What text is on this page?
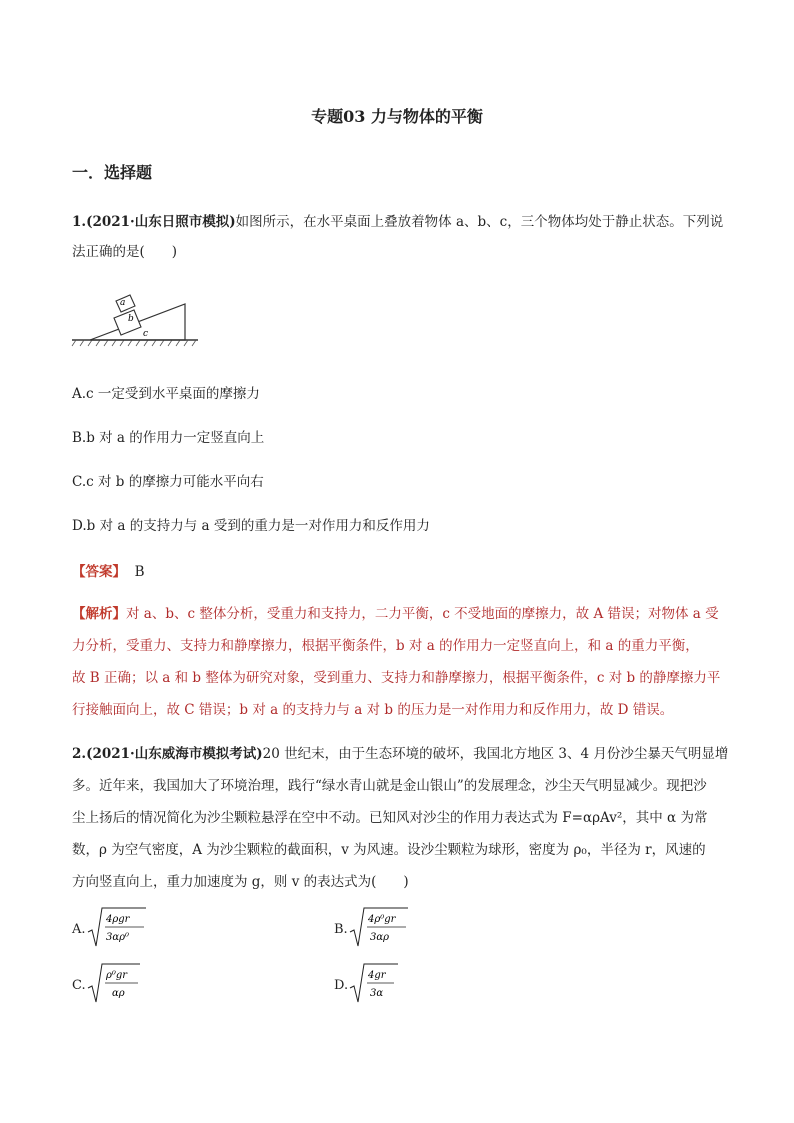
专题03 力与物体的平衡
一．选择题
1.(2021·山东日照市模拟)如图所示，在水平桌面上叠放着物体 a、b、c，三个物体均处于静止状态。下列说
法正确的是(　　)
a
b
c
A.c 一定受到水平桌面的摩擦力
B.b 对 a 的作用力一定竖直向上
C.c 对 b 的摩擦力可能水平向右
D.b 对 a 的支持力与 a 受到的重力是一对作用力和反作用力
【答案】 B
【解析】对 a、b、c 整体分析，受重力和支持力，二力平衡，c 不受地面的摩擦力，故 A 错误；对物体 a 受
力分析，受重力、支持力和静摩擦力，根据平衡条件，b 对 a 的作用力一定竖直向上，和 a 的重力平衡，
故 B 正确；以 a 和 b 整体为研究对象，受到重力、支持力和静摩擦力，根据平衡条件，c 对 b 的静摩擦力平
行接触面向上，故 C 错误；b 对 a 的支持力与 a 对 b 的压力是一对作用力和反作用力，故 D 错误。
2.(2021·山东威海市模拟考试)20 世纪末，由于生态环境的破坏，我国北方地区 3、4 月份沙尘暴天气明显增
多。近年来，我国加大了环境治理，践行“绿水青山就是金山银山”的发展理念，沙尘天气明显减少。现把沙
尘上扬后的情况简化为沙尘颗粒悬浮在空中不动。已知风对沙尘的作用力表达式为 F=αρAv²，其中 α 为常
数，ρ 为空气密度，A 为沙尘颗粒的截面积，v 为风速。设沙尘颗粒为球形，密度为 ρ₀，半径为 r，风速的
方向竖直向上，重力加速度为 g，则 v 的表达式为(　　)
A.
4ρgr
3αρ⁰
B.
4ρ⁰gr
3αρ
C.
ρ⁰gr
αρ
D.
4gr
3α
